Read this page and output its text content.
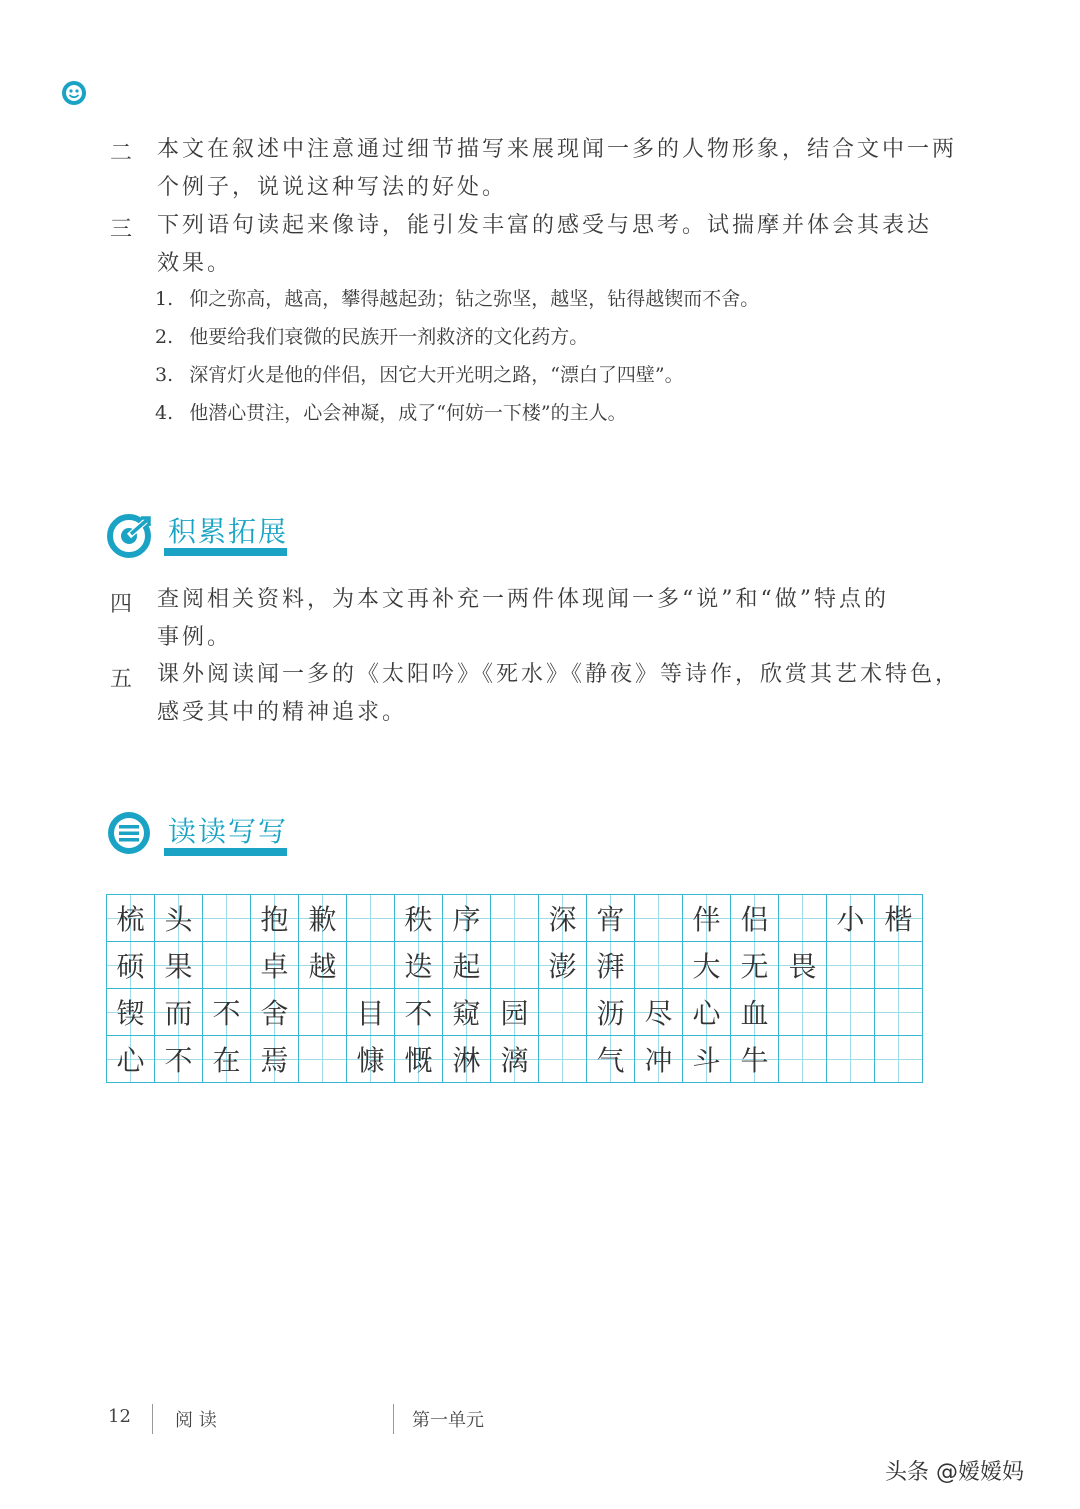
二 本文在叙述中注意通过细节描写来展现闻一多的人物形象，结合文中一两
个例子，说说这种写法的好处。
三 下列语句读起来像诗，能引发丰富的感受与思考。试揣摩并体会其表达
效果。
1. 仰之弥高，越高，攀得越起劲；钻之弥坚，越坚，钻得越锲而不舍。
2. 他要给我们衰微的民族开一剂救济的文化药方。
3. 深宵灯火是他的伴侣，因它大开光明之路，“漂白了四壁”。
4. 他潜心贯注，心会神凝，成了“何妨一下楼”的主人。
积累拓展
四 查阅相关资料，为本文再补充一两件体现闻一多“说”和“做”特点的
事例。
五 课外阅读闻一多的《太阳吟》《死水》《静夜》等诗作，欣赏其艺术特色，
感受其中的精神追求。
读读写写
梳	头		抱	歉		秩	序		深	宵		伴	侣		小	楷
硕	果		卓	越		迭	起		澎	湃		大	无	畏		
锲	而	不	舍		目	不	窥	园		沥	尽	心	血			
心	不	在	焉		慷	慨	淋	漓		气	冲	斗	牛			
12 阅 读	第一单元
头条 @嫒嫒妈
